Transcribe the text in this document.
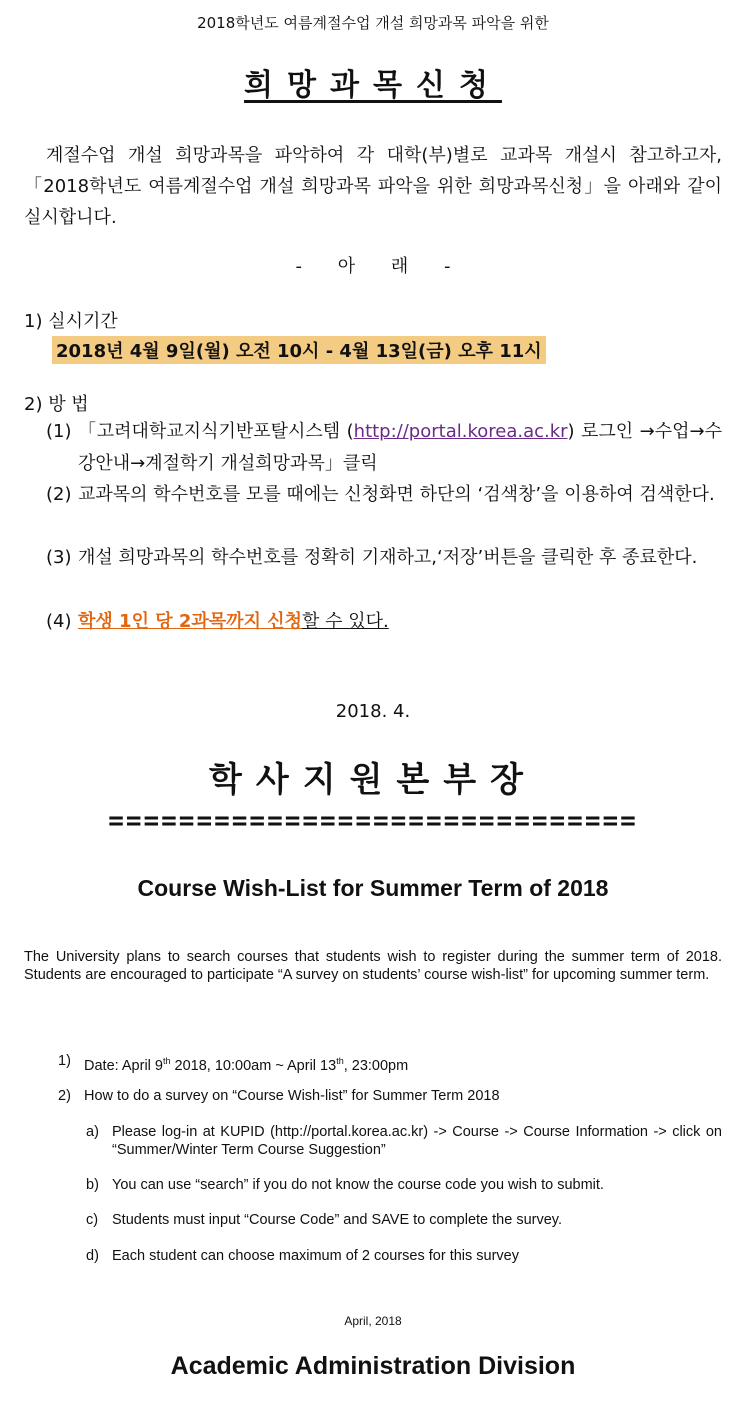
2018학년도 여름계절수업 개설 희망과목 파악을 위한
희망과목신청
계절수업 개설 희망과목을 파악하여 각 대학(부)별로 교과목 개설시 참고하고자,「2018학년도 여름계절수업 개설 희망과목 파악을 위한 희망과목신청」을 아래와 같이 실시합니다.
- 아 래 -
1) 실시기간
2018년 4월 9일(월) 오전 10시 - 4월 13일(금) 오후 11시
2) 방 법
(1) 「고려대학교지식기반포탈시스템 (http://portal.korea.ac.kr) 로그인 →수업→수강안내→계절학기 개설희망과목」클릭
(2) 교과목의 학수번호를 모를 때에는 신청화면 하단의 ‘검색창’을 이용하여 검색한다.
(3) 개설 희망과목의 학수번호를 정확히 기재하고,‘저장’버튼을 클릭한 후 종료한다.
(4) 학생 1인 당 2과목까지 신청할 수 있다.
2018. 4.
학사지원본부장
==============================
Course Wish-List for Summer Term of 2018
The University plans to search courses that students wish to register during the summer term of 2018. Students are encouraged to participate “A survey on students’ course wish-list” for upcoming summer term.
1) Date: April 9th 2018, 10:00am ~ April 13th, 23:00pm
2) How to do a survey on “Course Wish-list” for Summer Term 2018
a) Please log-in at KUPID (http://portal.korea.ac.kr) -> Course -> Course Information -> click on “Summer/Winter Term Course Suggestion”
b) You can use “search” if you do not know the course code you wish to submit.
c) Students must input “Course Code” and SAVE to complete the survey.
d) Each student can choose maximum of 2 courses for this survey
April, 2018
Academic Administration Division
